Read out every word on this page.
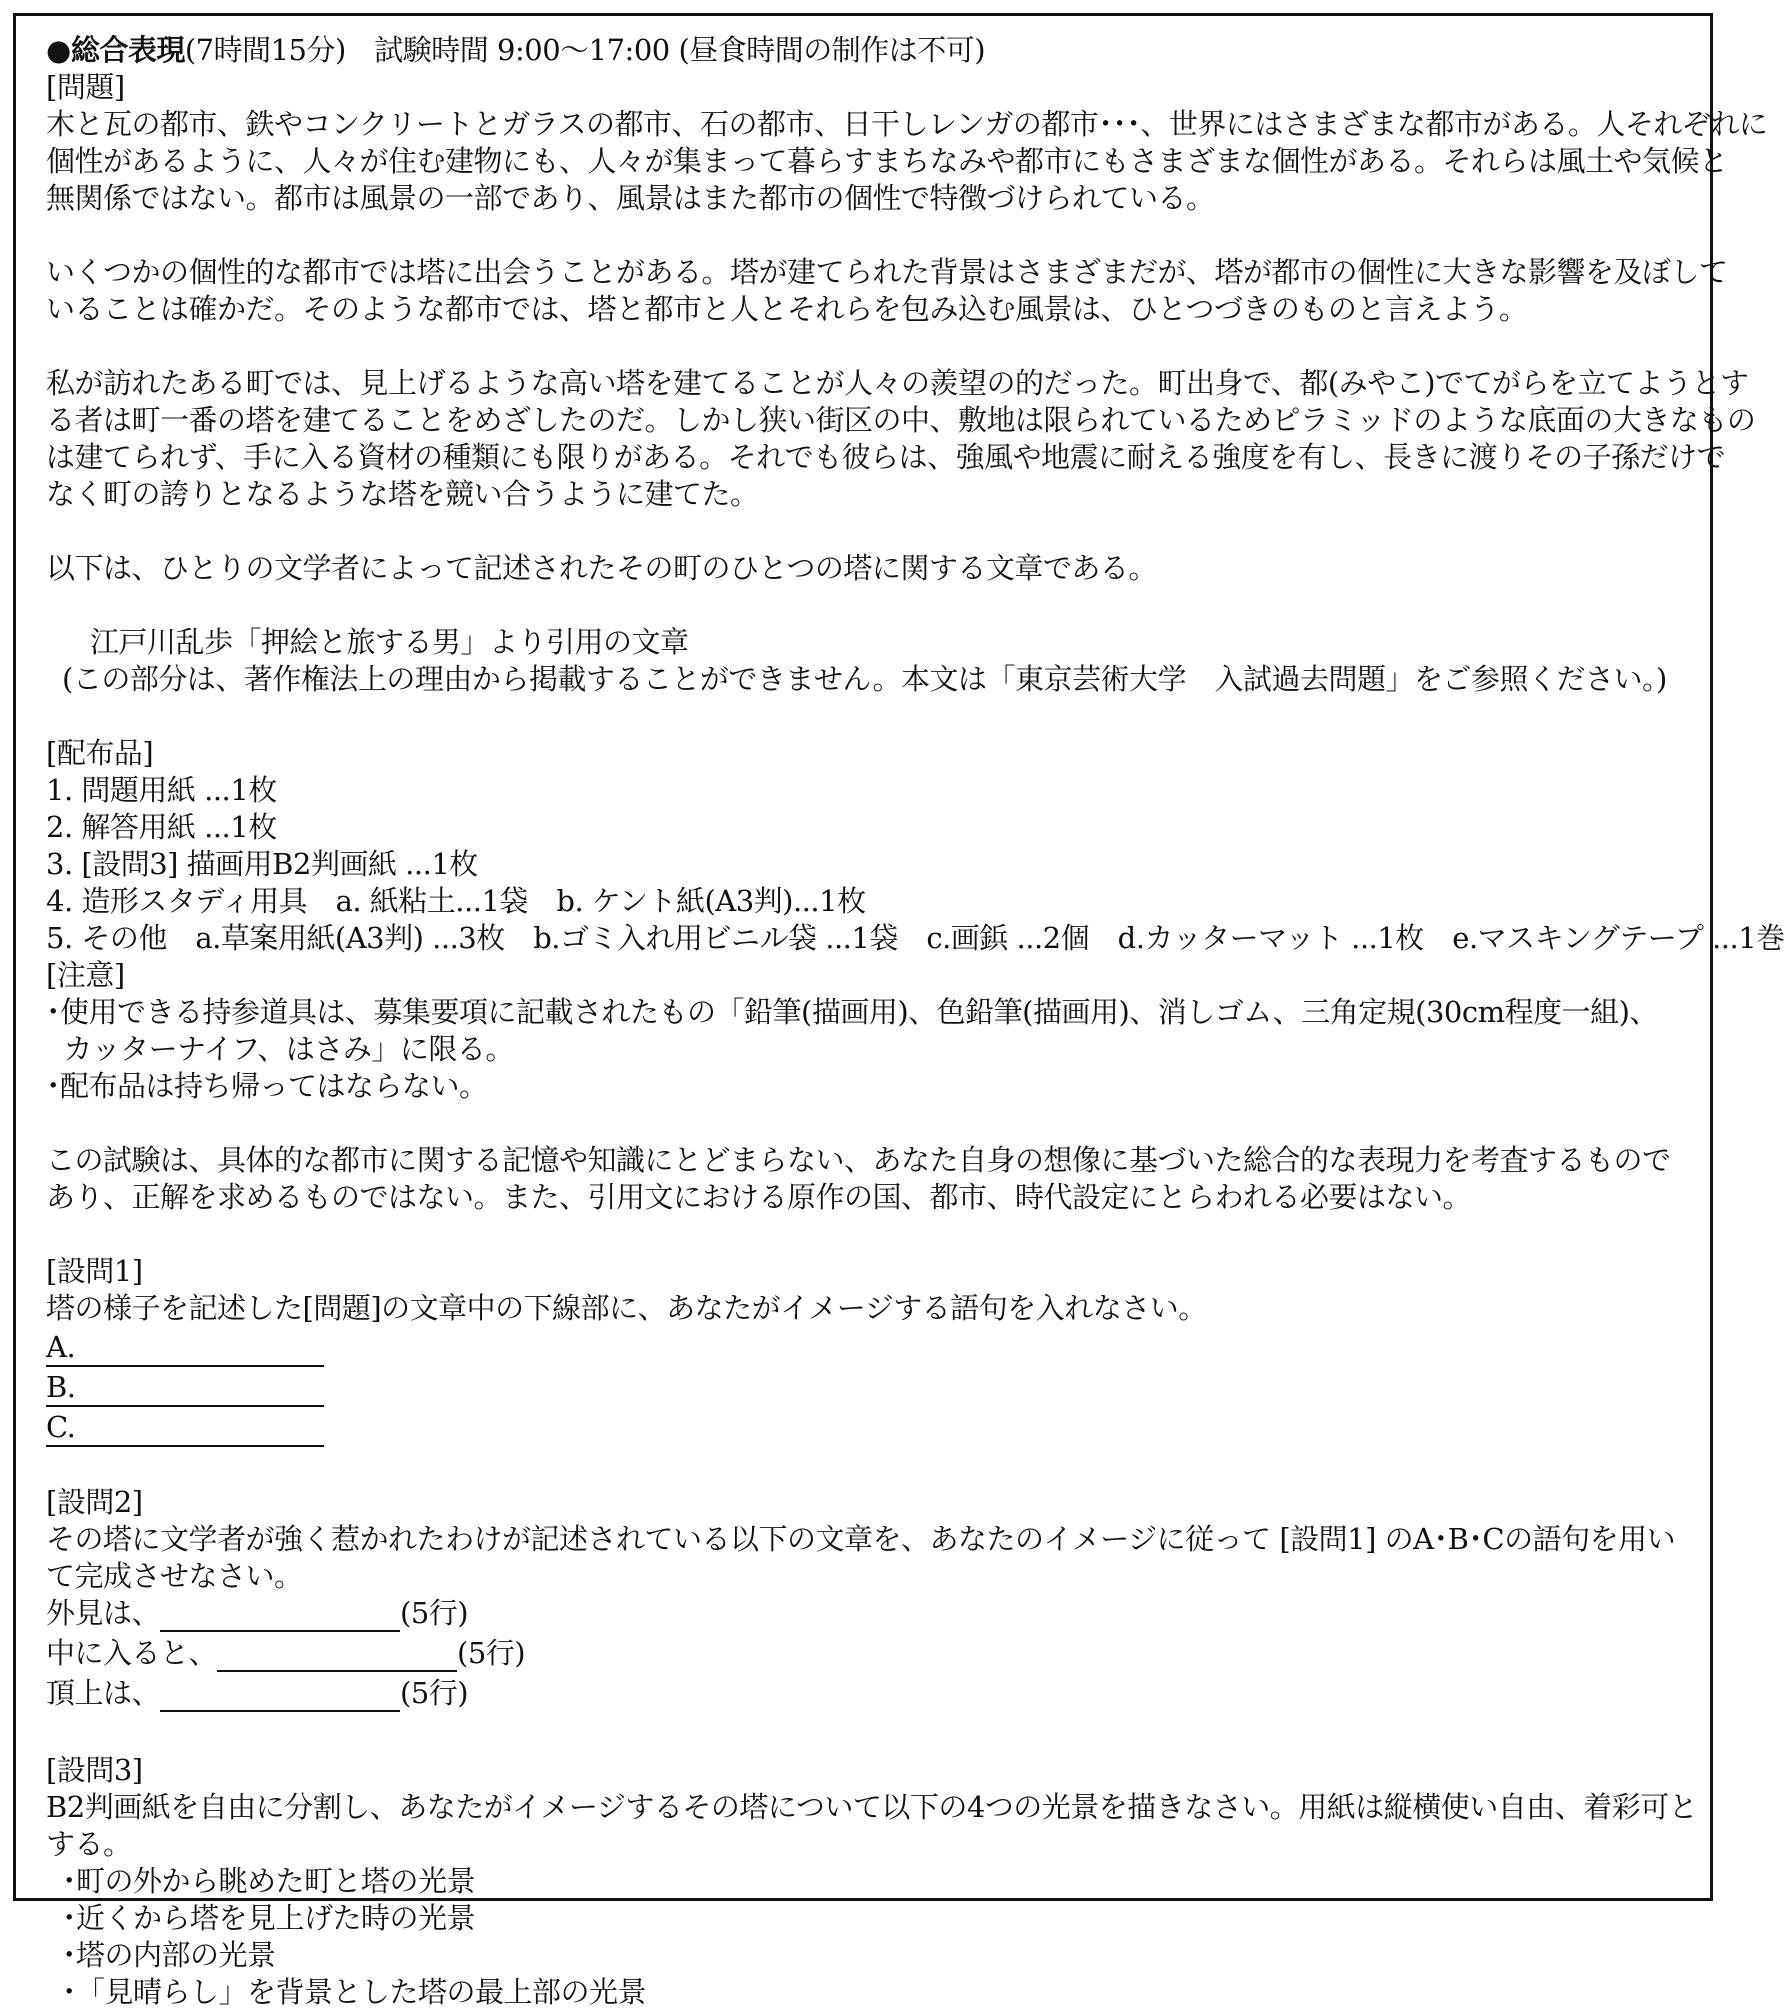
●総合表現(7時間15分)　試験時間 9:00〜17:00 (昼食時間の制作は不可)
[問題]
木と瓦の都市、鉄やコンクリートとガラスの都市、石の都市、日干しレンガの都市･･･、世界にはさまざまな都市がある。人それぞれに
個性があるように、人々が住む建物にも、人々が集まって暮らすまちなみや都市にもさまざまな個性がある。それらは風土や気候と
無関係ではない。都市は風景の一部であり、風景はまた都市の個性で特徴づけられている。
いくつかの個性的な都市では塔に出会うことがある。塔が建てられた背景はさまざまだが、塔が都市の個性に大きな影響を及ぼして
いることは確かだ。そのような都市では、塔と都市と人とそれらを包み込む風景は、ひとつづきのものと言えよう。
私が訪れたある町では、見上げるような高い塔を建てることが人々の羨望の的だった。町出身で、都(みやこ)でてがらを立てようとす
る者は町一番の塔を建てることをめざしたのだ。しかし狭い街区の中、敷地は限られているためピラミッドのような底面の大きなもの
は建てられず、手に入る資材の種類にも限りがある。それでも彼らは、強風や地震に耐える強度を有し、長きに渡りその子孫だけで
なく町の誇りとなるような塔を競い合うように建てた。
以下は、ひとりの文学者によって記述されたその町のひとつの塔に関する文章である。
江戸川乱歩「押絵と旅する男」より引用の文章
(この部分は、著作権法上の理由から掲載することができません。本文は「東京芸術大学　入試過去問題」をご参照ください。)
[配布品]
1. 問題用紙 ...1枚
2. 解答用紙 ...1枚
3. [設問3] 描画用B2判画紙 ...1枚
4. 造形スタディ用具　a. 紙粘土...1袋　b. ケント紙(A3判)...1枚
5. その他　a.草案用紙(A3判) ...3枚　b.ゴミ入れ用ビニル袋 ...1袋　c.画鋲 ...2個　d.カッターマット ...1枚　e.マスキングテープ ...1巻
[注意]
･使用できる持参道具は、募集要項に記載されたもの「鉛筆(描画用)、色鉛筆(描画用)、消しゴム、三角定規(30cm程度一組)、
カッターナイフ、はさみ」に限る。
･配布品は持ち帰ってはならない。
この試験は、具体的な都市に関する記憶や知識にとどまらない、あなた自身の想像に基づいた総合的な表現力を考査するもので
あり、正解を求めるものではない。また、引用文における原作の国、都市、時代設定にとらわれる必要はない。
[設問1]
塔の様子を記述した[問題]の文章中の下線部に、あなたがイメージする語句を入れなさい。
A.
B.
C.
[設問2]
その塔に文学者が強く惹かれたわけが記述されている以下の文章を、あなたのイメージに従って [設問1] のA･B･Cの語句を用い
て完成させなさい。
外見は、	(5行)
中に入ると、	(5行)
頂上は、	(5行)
[設問3]
B2判画紙を自由に分割し、あなたがイメージするその塔について以下の4つの光景を描きなさい。用紙は縦横使い自由、着彩可と
する。
･町の外から眺めた町と塔の光景
･近くから塔を見上げた時の光景
･塔の内部の光景
･「見晴らし」を背景とした塔の最上部の光景
